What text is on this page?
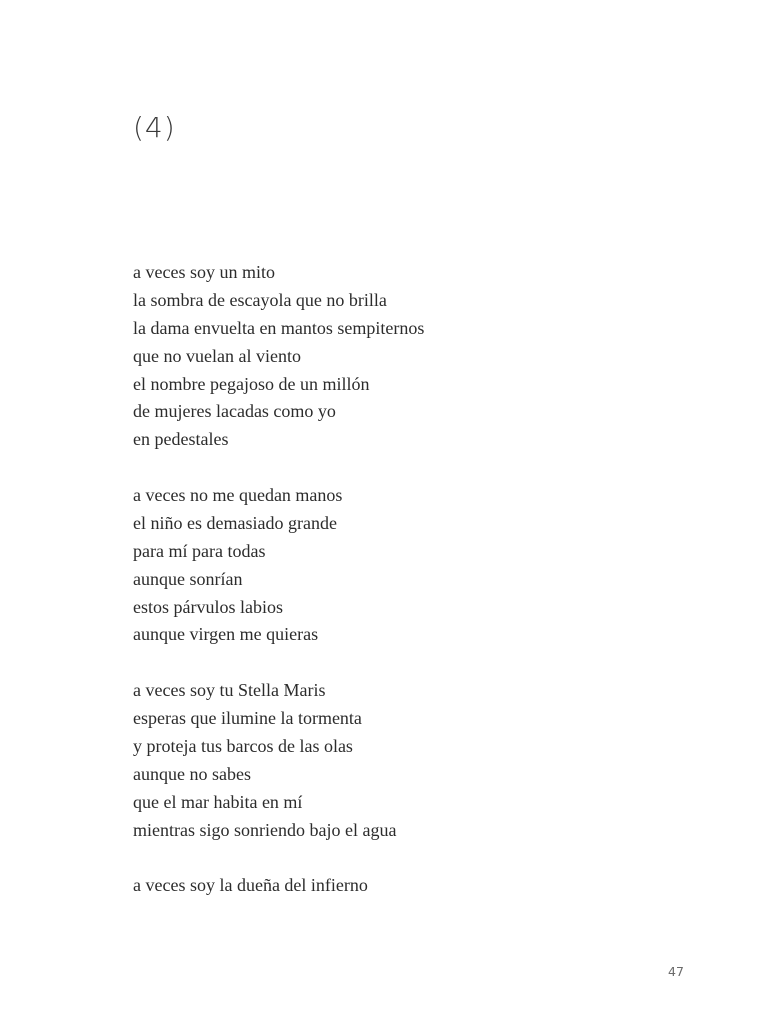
(4)

a veces soy un mito
la sombra de escayola que no brilla
la dama envuelta en mantos sempiternos
que no vuelan al viento
el nombre pegajoso de un millón
de mujeres lacadas como yo
en pedestales

a veces no me quedan manos
el niño es demasiado grande
para mí para todas
aunque sonrían
estos párvulos labios
aunque virgen me quieras

a veces soy tu Stella Maris
esperas que ilumine la tormenta
y proteja tus barcos de las olas
aunque no sabes
que el mar habita en mí
mientras sigo sonriendo bajo el agua

a veces soy la dueña del infierno

47
